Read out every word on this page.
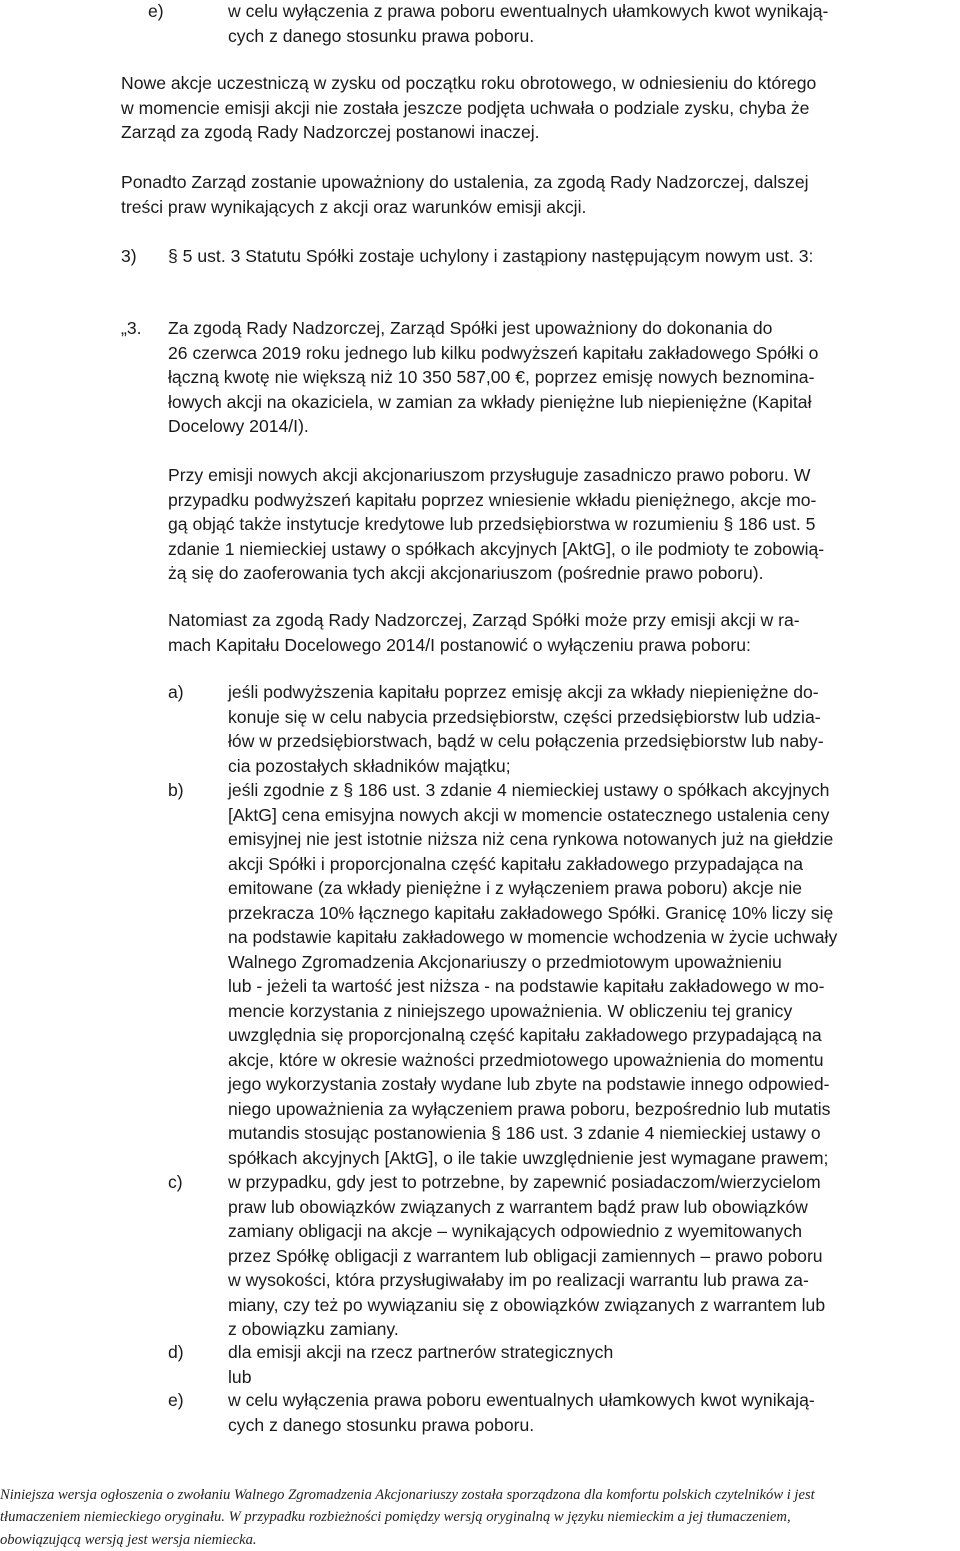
e)	w celu wyłączenia z prawa poboru ewentualnych ułamkowych kwot wynikają-
cych z danego stosunku prawa poboru.
Nowe akcje uczestniczą w zysku od początku roku obrotowego, w odniesieniu do którego
w momencie emisji akcji nie została jeszcze podjęta uchwała o podziale zysku, chyba że
Zarząd za zgodą Rady Nadzorczej postanowi inaczej.
Ponadto Zarząd zostanie upoważniony do ustalenia, za zgodą Rady Nadzorczej, dalszej
treści praw wynikających z akcji oraz warunków emisji akcji.
3) § 5 ust. 3 Statutu Spółki zostaje uchylony i zastąpiony następującym nowym ust. 3:
„3. Za zgodą Rady Nadzorczej, Zarząd Spółki jest upoważniony do dokonania do
26 czerwca 2019 roku jednego lub kilku podwyższeń kapitału zakładowego Spółki o
łączną kwotę nie większą niż 10 350 587,00 €, poprzez emisję nowych beznomina-
łowych akcji na okaziciela, w zamian za wkłady pieniężne lub niepieniężne (Kapitał
Docelowy 2014/I).
Przy emisji nowych akcji akcjonariuszom przysługuje zasadniczo prawo poboru. W
przypadku podwyższeń kapitału poprzez wniesienie wkładu pieniężnego, akcje mo-
gą objąć także instytucje kredytowe lub przedsiębiorstwa w rozumieniu § 186 ust. 5
zdanie 1 niemieckiej ustawy o spółkach akcyjnych [AktG], o ile podmioty te zobowią-
żą się do zaoferowania tych akcji akcjonariuszom (pośrednie prawo poboru).
Natomiast za zgodą Rady Nadzorczej, Zarząd Spółki może przy emisji akcji w ra-
mach Kapitału Docelowego 2014/I postanowić o wyłączeniu prawa poboru:
a)	jeśli podwyższenia kapitału poprzez emisję akcji za wkłady niepieniężne do-
konuje się w celu nabycia przedsiębiorstw, części przedsiębiorstw lub udzia-
łów w przedsiębiorstwach, bądź w celu połączenia przedsiębiorstw lub naby-
cia pozostałych składników majątku;
b)	jeśli zgodnie z § 186 ust. 3 zdanie 4 niemieckiej ustawy o spółkach akcyjnych
[AktG] cena emisyjna nowych akcji w momencie ostatecznego ustalenia ceny
emisyjnej nie jest istotnie niższa niż cena rynkowa notowanych już na giełdzie
akcji Spółki i proporcjonalna część kapitału zakładowego przypadająca na
emitowane (za wkłady pieniężne i z wyłączeniem prawa poboru) akcje nie
przekracza 10% łącznego kapitału zakładowego Spółki. Granicę 10% liczy się
na podstawie kapitału zakładowego w momencie wchodzenia w życie uchwały
Walnego Zgromadzenia Akcjonariuszy o przedmiotowym upoważnieniu
lub - jeżeli ta wartość jest niższa - na podstawie kapitału zakładowego w mo-
mencie korzystania z niniejszego upoważnienia. W obliczeniu tej granicy
uwzględnia się proporcjonalną część kapitału zakładowego przypadającą na
akcje, które w okresie ważności przedmiotowego upoważnienia do momentu
jego wykorzystania zostały wydane lub zbyte na podstawie innego odpowied-
niego upoważnienia za wyłączeniem prawa poboru, bezpośrednio lub mutatis
mutandis stosując postanowienia § 186 ust. 3 zdanie 4 niemieckiej ustawy o
spółkach akcyjnych [AktG], o ile takie uwzględnienie jest wymagane prawem;
c)	w przypadku, gdy jest to potrzebne, by zapewnić posiadaczom/wierzycielom
praw lub obowiązków związanych z warrantem bądź praw lub obowiązków
zamiany obligacji na akcje – wynikających odpowiednio z wyemitowanych
przez Spółkę obligacji z warrantem lub obligacji zamiennych – prawo poboru
w wysokości, która przysługiwałaby im po realizacji warrantu lub prawa za-
miany, czy też po wywiązaniu się z obowiązków związanych z warrantem lub
z obowiązku zamiany.
d)	dla emisji akcji na rzecz partnerów strategicznych
lub
e)	w celu wyłączenia prawa poboru ewentualnych ułamkowych kwot wynikają-
cych z danego stosunku prawa poboru.
Niniejsza wersja ogłoszenia o zwołaniu Walnego Zgromadzenia Akcjonariuszy została sporządzona dla komfortu polskich czytelników i jest
tłumaczeniem niemieckiego oryginału. W przypadku rozbieżności pomiędzy wersją oryginalną w języku niemieckim a jej tłumaczeniem,
obowiązującą wersją jest wersja niemiecka.
